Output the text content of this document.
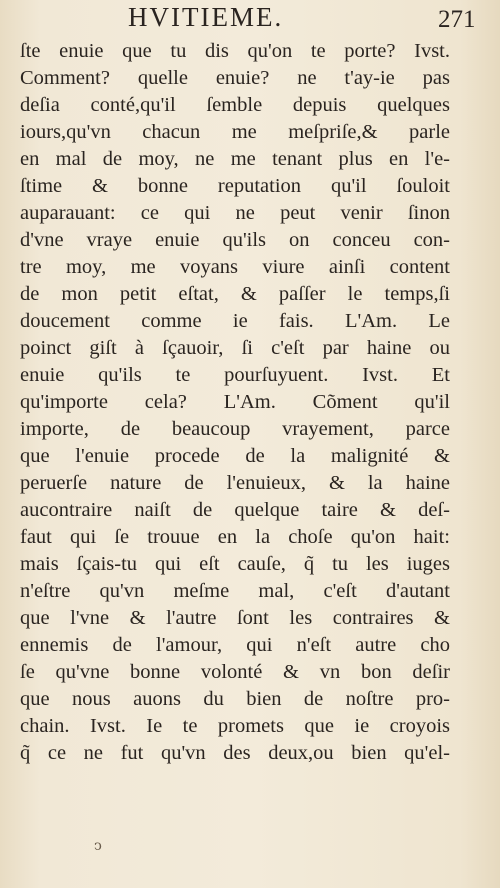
HVITIEME.	271
ſte enuie que tu dis qu'on te porte? Ivst.
Comment? quelle enuie? ne t'ay-ie pas
deſia conté,qu'il ſemble depuis quelques
iours,qu'vn chacun me meſpriſe,& parle
en mal de moy, ne me tenant plus en l'e-
ſtime & bonne reputation qu'il ſouloit
auparauant: ce qui ne peut venir ſinon
d'vne vraye enuie qu'ils on conceu con-
tre moy, me voyans viure ainſi content
de mon petit eſtat, & paſſer le temps,ſi
doucement comme ie fais. L'Am. Le
poinct giſt à ſçauoir, ſi c'eſt par haine ou
enuie qu'ils te pourſuyuent. Ivst. Et
qu'importe cela? L'Am. Cõment qu'il
importe, de beaucoup vrayement, parce
que l'enuie procede de la malignité &
peruerſe nature de l'enuieux, & la haine
aucontraire naiſt de quelque taire & deſ-
faut qui ſe trouue en la choſe qu'on hait:
mais ſçais-tu qui eſt cauſe, q̃ tu les iuges
n'eſtre qu'vn meſme mal, c'eſt d'autant
que l'vne & l'autre ſont les contraires &
ennemis de l'amour, qui n'eſt autre cho
ſe qu'vne bonne volonté & vn bon deſir
que nous auons du bien de noſtre pro-
chain. Ivst. Ie te promets que ie croyois
q̃ ce ne fut qu'vn des deux,ou bien qu'el-
ↄ
